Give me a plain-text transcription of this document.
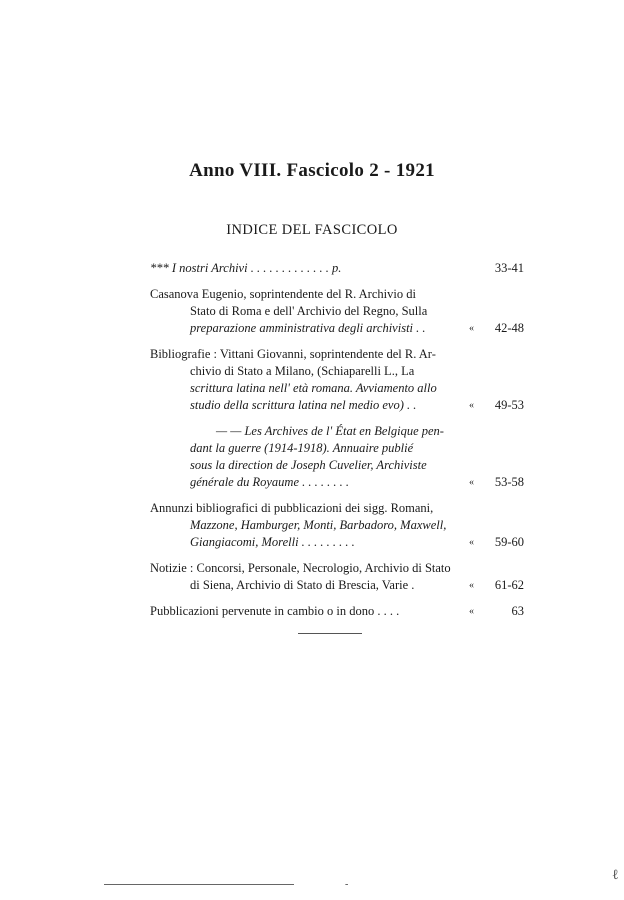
Anno VIII. Fascicolo 2 - 1921
INDICE DEL FASCICOLO
*** I nostri Archivi . . . . . . . . . . . . . p.	33-41
Casanova Eugenio, soprintendente del R. Archivio di
Stato di Roma e dell' Archivio del Regno, Sulla
preparazione amministrativa degli archivisti . .	«	42-48
Bibliografie : Vittani Giovanni, soprintendente del R. Ar-
chivio di Stato a Milano, (Schiaparelli L., La
scrittura latina nell' età romana. Avviamento allo
studio della scrittura latina nel medio evo) . .	«	49-53
— — Les Archives de l' État en Belgique pen-
dant la guerre (1914-1918). Annuaire publié
sous la direction de Joseph Cuvelier, Archiviste
générale du Royaume . . . . . . . .	«	53-58
Annunzi bibliografici di pubblicazioni dei sigg. Romani,
Mazzone, Hamburger, Monti, Barbadoro, Maxwell,
Giangiacomi, Morelli . . . . . . . . .	«	59-60
Notizie : Concorsi, Personale, Necrologio, Archivio di Stato
di Siena, Archivio di Stato di Brescia, Varie .	«	61-62
Pubblicazioni pervenute in cambio o in dono . . . .	«	63
-
ℓ
